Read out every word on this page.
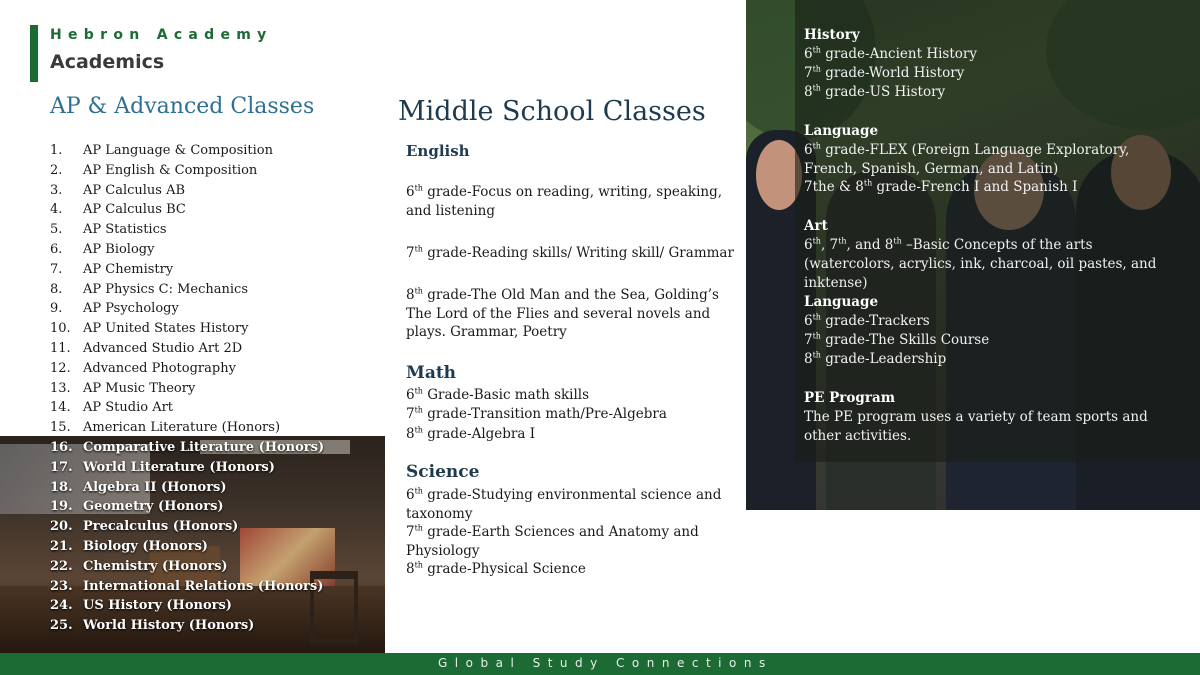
Hebron Academy
Academics
AP & Advanced Classes	Middle School Classes
1. AP Language & Composition
2. AP English & Composition
3. AP Calculus AB
4. AP Calculus BC
5. AP Statistics
6. AP Biology
7. AP Chemistry
8. AP Physics C: Mechanics
9. AP Psychology
10. AP United States History
11. Advanced Studio Art 2D
12. Advanced Photography
13. AP Music Theory
14. AP Studio Art
15. American Literature (Honors)
16. Comparative Literature (Honors)
17. World Literature (Honors)
18. Algebra II (Honors)
19. Geometry (Honors)
20. Precalculus (Honors)
21. Biology (Honors)
22. Chemistry (Honors)
23. International Relations (Honors)
24. US History (Honors)
25. World History (Honors)
English
6th grade-Focus on reading, writing, speaking, and listening
7th grade-Reading skills/ Writing skill/ Grammar
8th grade-The Old Man and the Sea, Golding’s The Lord of the Flies and several novels and plays. Grammar, Poetry
Math
6th Grade-Basic math skills
7th grade-Transition math/Pre-Algebra
8th grade-Algebra I
Science
6th grade-Studying environmental science and taxonomy
7th grade-Earth Sciences and Anatomy and Physiology
8th grade-Physical Science
History
6th grade-Ancient History
7th grade-World History
8th grade-US History
Language
6th grade-FLEX (Foreign Language Exploratory, French, Spanish, German, and Latin)
7the & 8th grade-French I and Spanish I
Art
6th, 7th, and 8th –Basic Concepts of the arts (watercolors, acrylics, ink, charcoal, oil pastes, and inktense)
Language
6th grade-Trackers
7th grade-The Skills Course
8th grade-Leadership
PE Program
The PE program uses a variety of team sports and other activities.
Global Study Connections
